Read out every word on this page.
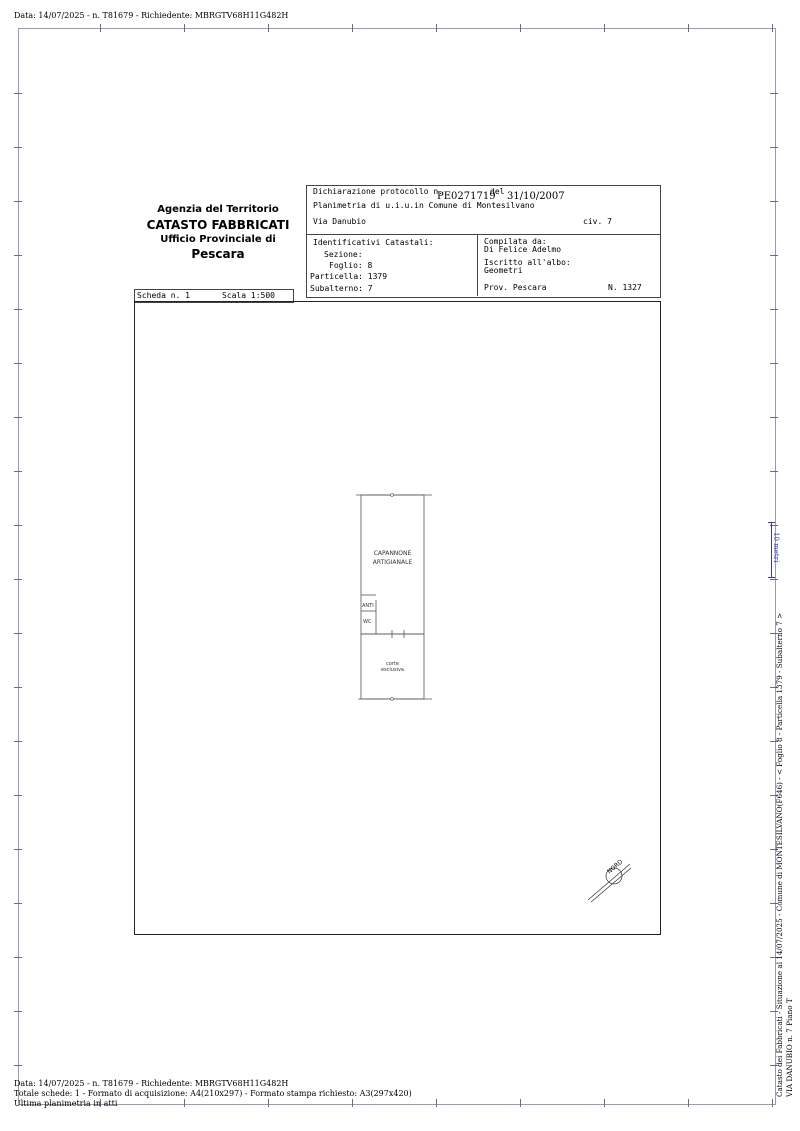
Data: 14/07/2025 - n. T81679 - Richiedente: MBRGTV68H11G482H
Agenzia del Territorio
CATASTO FABBRICATI
Ufficio Provinciale di
Pescara
Dichiarazione protocollo n.
PE0271719
del 31/10/2007
Planimetria di u.i.u.in Comune di Montesilvano
Via Danubio	civ. 7
Identificativi Catastali:
Sezione:
Foglio: 8
Particella: 1379
Subalterno: 7
Compilata da:
Di Felice Adelmo
Iscritto all'albo:
Geometri
Prov. Pescara	N. 1327
Scheda n. 1	Scala 1:500
CAPANNONE
ARTIGIANALE
ANTI
WC
corte
esclusiva
NORD
10 metri
Catasto dei Fabbricati - Situazione al 14/07/2025 - Comune di MONTESILVANO(F646) - < Foglio 8 - Particella 1379 - Subalterno 7 > VIA DANUBIO n. 7 Piano T
Data: 14/07/2025 - n. T81679 - Richiedente: MBRGTV68H11G482H
Totale schede: 1 - Formato di acquisizione: A4(210x297) - Formato stampa richiesto: A3(297x420)
Ultima planimetria in atti
